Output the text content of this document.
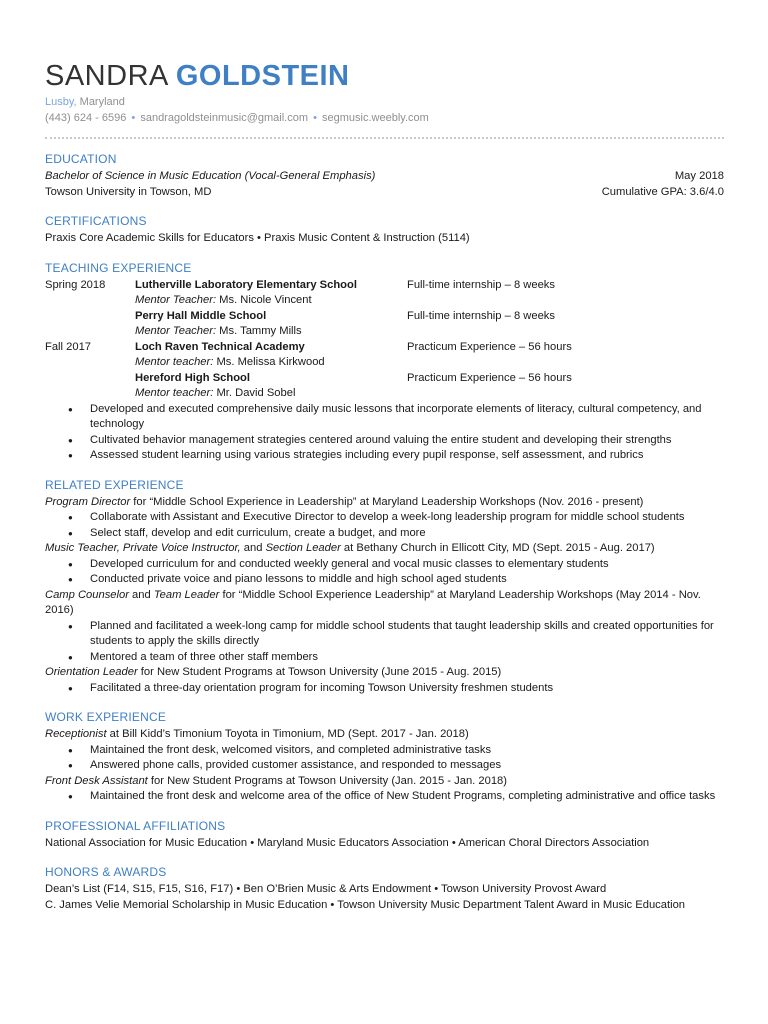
SANDRA GOLDSTEIN
Lusby, Maryland
(443) 624 - 6596 • sandragoldsteinmusic@gmail.com • segmusic.weebly.com
EDUCATION
Bachelor of Science in Music Education (Vocal-General Emphasis)	May 2018
Towson University in Towson, MD	Cumulative GPA: 3.6/4.0
CERTIFICATIONS
Praxis Core Academic Skills for Educators • Praxis Music Content & Instruction (5114)
TEACHING EXPERIENCE
Spring 2018	Lutherville Laboratory Elementary School	Full-time internship – 8 weeks
Mentor Teacher: Ms. Nicole Vincent
Perry Hall Middle School	Full-time internship – 8 weeks
Mentor Teacher: Ms. Tammy Mills
Fall 2017	Loch Raven Technical Academy	Practicum Experience – 56 hours
Mentor teacher: Ms. Melissa Kirkwood
Hereford High School	Practicum Experience – 56 hours
Mentor teacher: Mr. David Sobel
● Developed and executed comprehensive daily music lessons that incorporate elements of literacy, cultural competency, and technology
● Cultivated behavior management strategies centered around valuing the entire student and developing their strengths
● Assessed student learning using various strategies including every pupil response, self assessment, and rubrics
RELATED EXPERIENCE
Program Director for “Middle School Experience in Leadership” at Maryland Leadership Workshops (Nov. 2016 - present)
● Collaborate with Assistant and Executive Director to develop a week-long leadership program for middle school students
● Select staff, develop and edit curriculum, create a budget, and more
Music Teacher, Private Voice Instructor, and Section Leader at Bethany Church in Ellicott City, MD (Sept. 2015 - Aug. 2017)
● Developed curriculum for and conducted weekly general and vocal music classes to elementary students
● Conducted private voice and piano lessons to middle and high school aged students
Camp Counselor and Team Leader for “Middle School Experience Leadership” at Maryland Leadership Workshops (May 2014 - Nov. 2016)
● Planned and facilitated a week-long camp for middle school students that taught leadership skills and created opportunities for students to apply the skills directly
● Mentored a team of three other staff members
Orientation Leader for New Student Programs at Towson University (June 2015 - Aug. 2015)
● Facilitated a three-day orientation program for incoming Towson University freshmen students
WORK EXPERIENCE
Receptionist at Bill Kidd’s Timonium Toyota in Timonium, MD (Sept. 2017 - Jan. 2018)
● Maintained the front desk, welcomed visitors, and completed administrative tasks
● Answered phone calls, provided customer assistance, and responded to messages
Front Desk Assistant for New Student Programs at Towson University (Jan. 2015 - Jan. 2018)
● Maintained the front desk and welcome area of the office of New Student Programs, completing administrative and office tasks
PROFESSIONAL AFFILIATIONS
National Association for Music Education • Maryland Music Educators Association • American Choral Directors Association
HONORS & AWARDS
Dean’s List (F14, S15, F15, S16, F17) • Ben O’Brien Music & Arts Endowment • Towson University Provost Award
C. James Velie Memorial Scholarship in Music Education • Towson University Music Department Talent Award in Music Education
